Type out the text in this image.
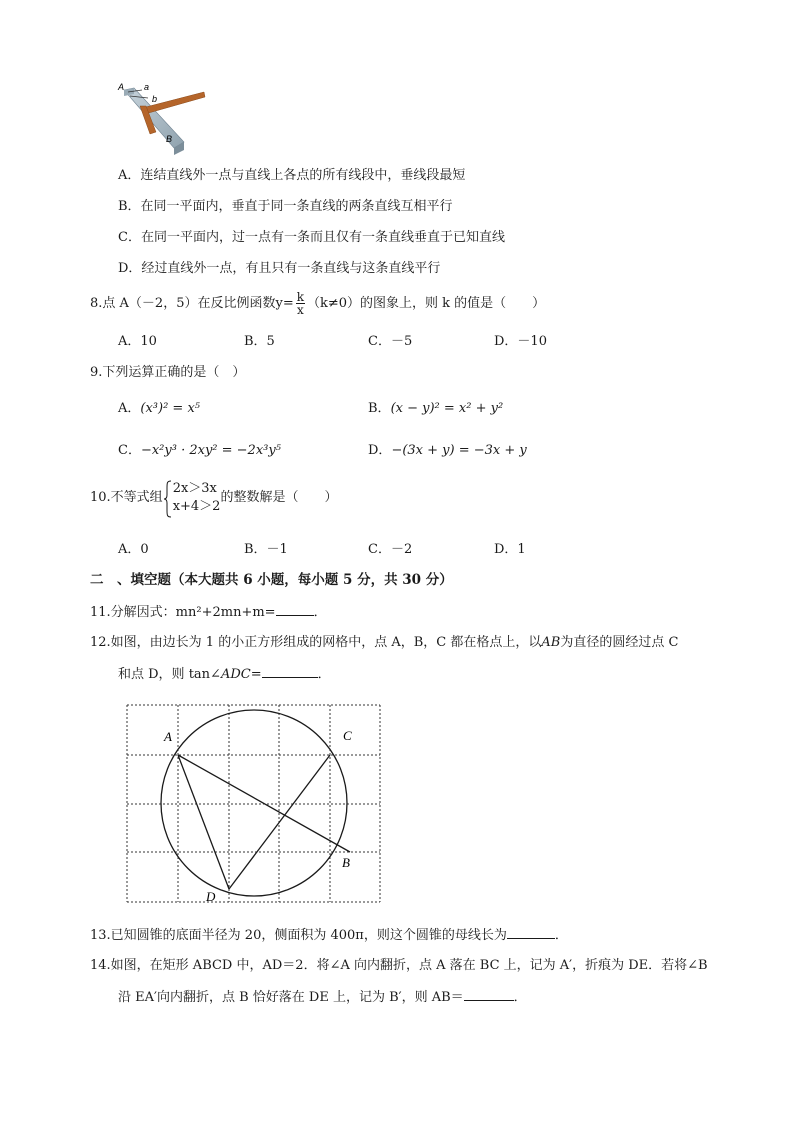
A a
b
B
A．连结直线外一点与直线上各点的所有线段中，垂线段最短
B．在同一平面内，垂直于同一条直线的两条直线互相平行
C．在同一平面内，过一点有一条而且仅有一条直线垂直于已知直线
D．经过直线外一点，有且只有一条直线与这条直线平行
8.点 A（－2，5）在反比例函数$y= \frac{k}{x} (k\ne 0)$的图象上，则 k 的值是（　　）
A．10	B．5	C．－5	D．－10
9.下列运算正确的是（　）
A．(x³)² = x⁵	B．(x − y)² = x² + y²
C．−x²y³ · 2xy² = −2x³y⁵	D．−(3x + y) = −3x + y
10.不等式组
2x＞3x
x+4＞2
的整数解是（　　）
A．0	B．－1	C．－2	D．1
二　、填空题（本大题共 6 小题，每小题 5 分，共 30 分）
11.分解因式：mn²+2mn+m=	．
12.如图，由边长为 1 的小正方形组成的网格中，点 A，B，C 都在格点上，以AB为直径的圆经过点 C
和点 D，则 tan∠ADC=	．
A	C
B
D
13.已知圆锥的底面半径为 20，侧面积为 400π，则这个圆锥的母线长为	．
14.如图，在矩形 ABCD 中，AD＝2．将∠A 向内翻折，点 A 落在 BC 上，记为 A′，折痕为 DE．若将∠B
沿 EA′向内翻折，点 B 恰好落在 DE 上，记为 B′，则 AB＝	．
